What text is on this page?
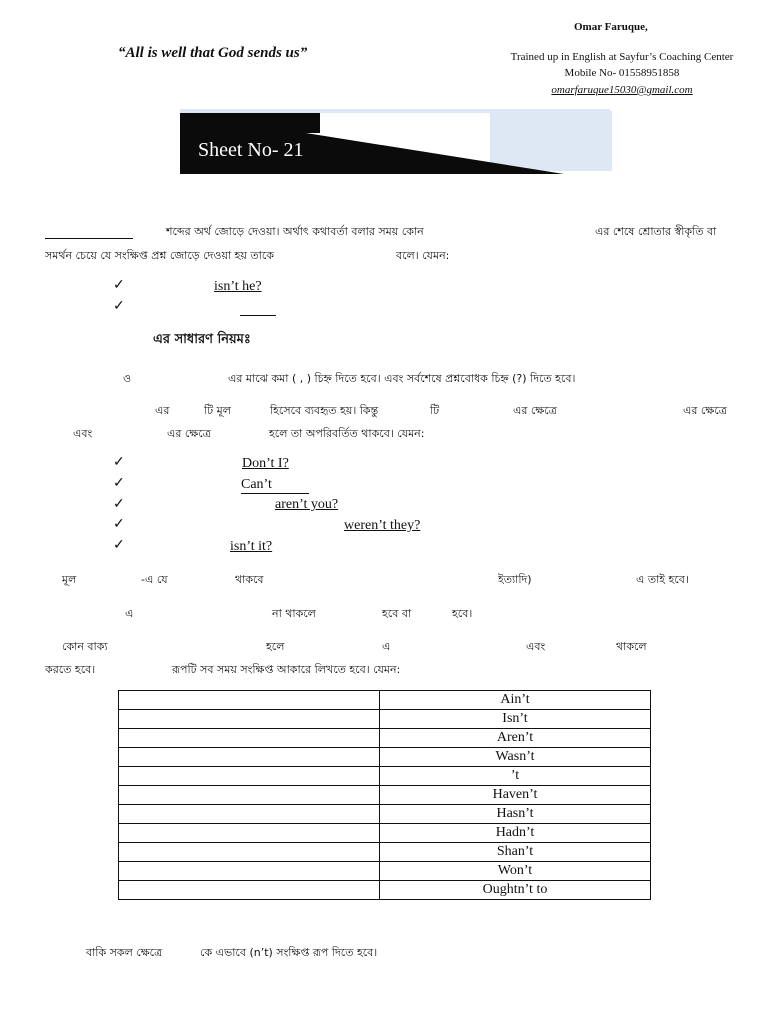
Omar Faruque,
“All is well that God sends us”	Trained up in English at Sayfur’s Coaching Center
Mobile No- 01558951858
omarfaruque15030@gmail.com
Sheet No- 21
শব্দের অর্থ জোড়ে দেওয়া। অর্থাৎ কথাবর্তা বলার সময় কোন	এর শেষে শ্রোতার স্বীকৃতি বা
সমর্থন চেয়ে যে সংক্ষিপ্ত প্রশ্ন জোড়ে দেওয়া হয় তাকে	বলে। যেমন:
✓	isn’t he?
✓
এর সাধারণ নিয়মঃ
ও	এর মাঝে কমা ( , ) চিহ্ন দিতে হবে। এবং সর্বশেষে প্রশ্নবোধক চিহ্ন (?) দিতে হবে।
এর	টি মূল	হিসেবে ব্যবহৃত হয়। কিন্তু	টি	এর ক্ষেত্রে	এর ক্ষেত্রে
এবং	এর ক্ষেত্রে	হলে তা অপরিবর্তিত থাকবে। যেমন:
✓	Don’t I?
✓	Can’t
✓	aren’t you?
✓	weren’t they?
✓	isn’t it?
মূল	-এ যে	থাকবে	ইত্যাদি)	এ তাই হবে।
এ	না থাকলে	হবে বা	হবে।
কোন বাক্য	হলে	এ	এবং	থাকলে
করতে হবে।	রূপটি সব সময় সংক্ষিপ্ত আকারে লিখতে হবে। যেমন:
	Ain’t
	Isn’t
	Aren’t
	Wasn’t
	’t
	Haven’t
	Hasn’t
	Hadn’t
	Shan’t
	Won’t
	Oughtn’t to
বাকি সকল ক্ষেত্রে	কে এভাবে (n’t) সংক্ষিপ্ত রূপ দিতে হবে।
